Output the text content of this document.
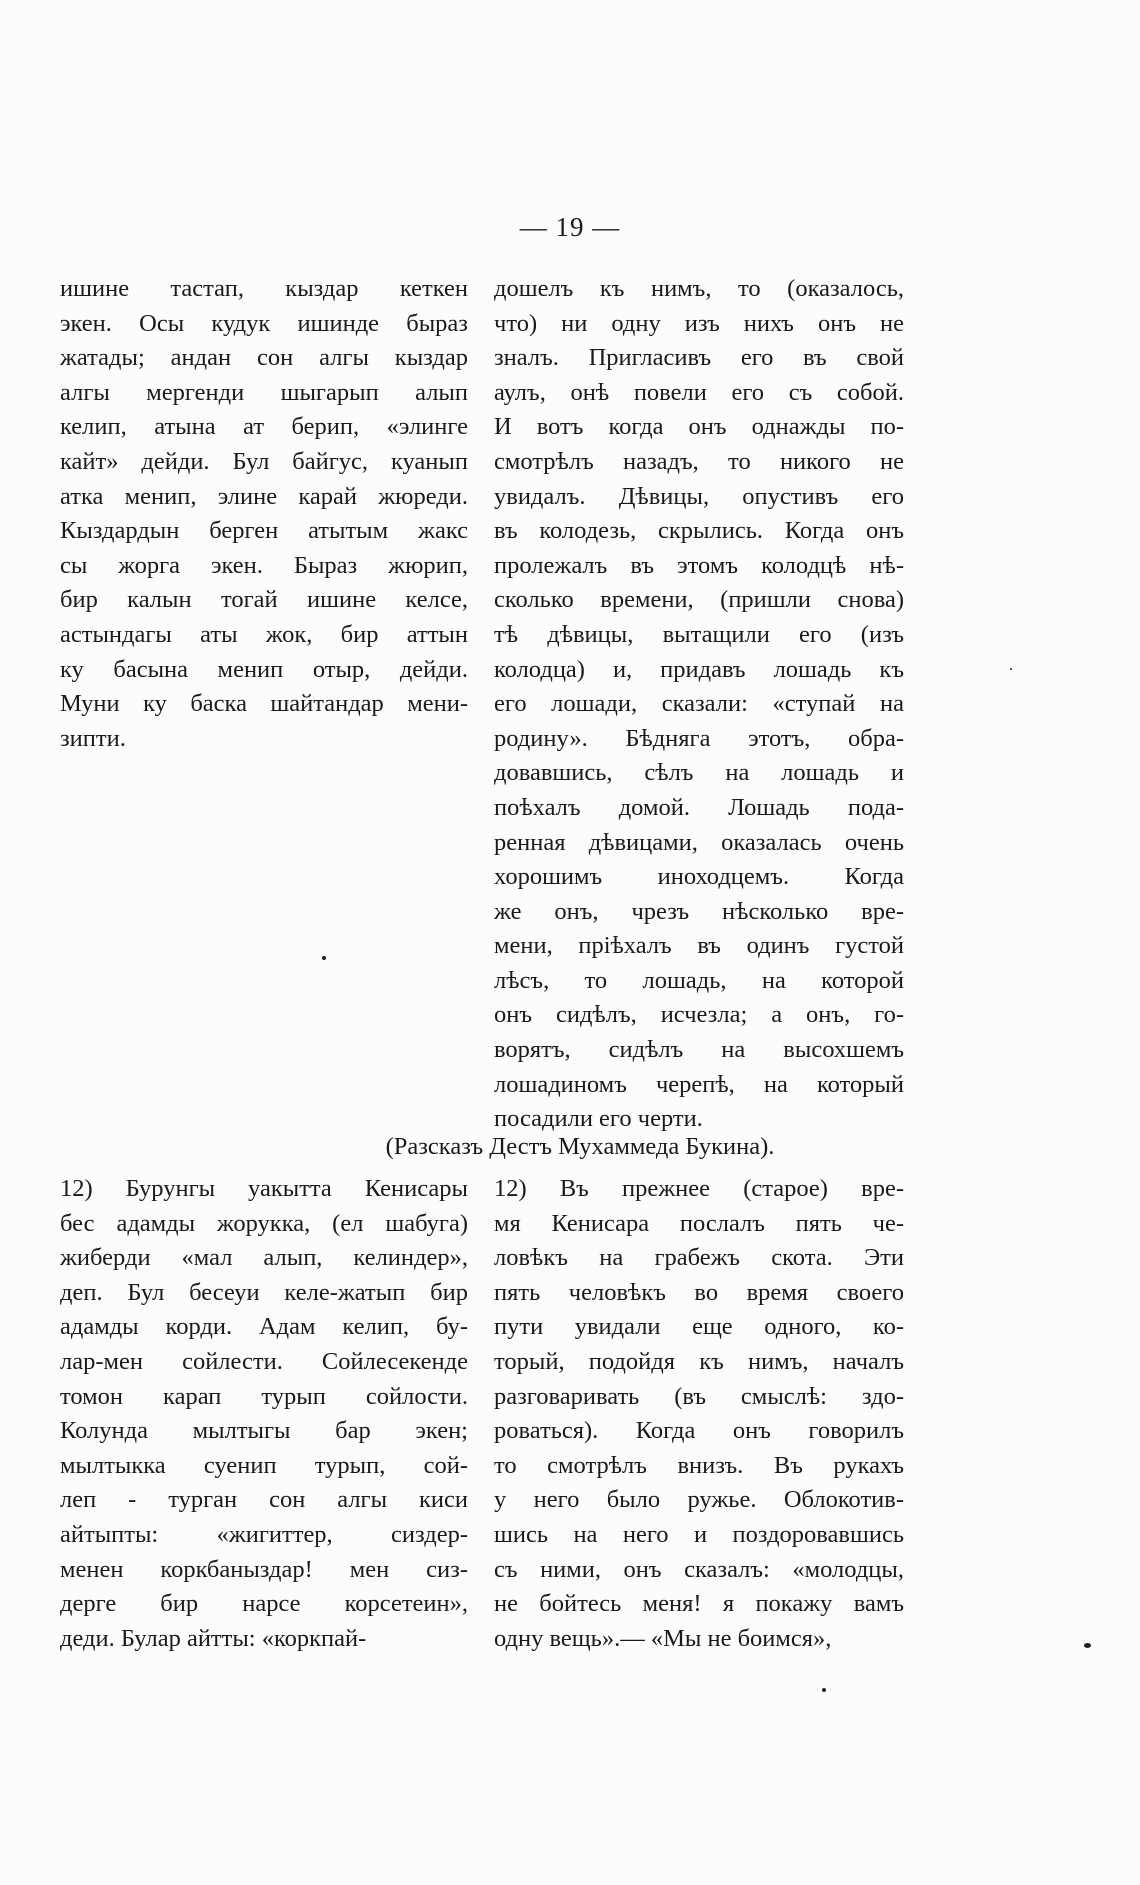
— 19 —
ишине тастап, кыздар кеткен
экен. Осы кудук ишинде быраз
жатады; андан сон алгы кыздар
алгы мергенди шыгарып алып
келип, атына ат берип, «элинге
кайт» дейди. Бул байгус, куанып
атка менип, элине карай жюреди.
Кыздардын берген атытым жакс
сы жорга экен. Быраз жюрип,
бир калын тогай ишине келсе,
астындагы аты жок, бир аттын
ку басына менип отыр, дейди.
Муни ку баска шайтандар мени-
зипти.
дошелъ къ нимъ, то (оказалось,
что) ни одну изъ нихъ онъ не
зналъ. Пригласивъ его въ свой
аулъ, онѣ повели его съ собой.
И вотъ когда онъ однажды по-
смотрѣлъ назадъ, то никого не
увидалъ. Дѣвицы, опустивъ его
въ колодезь, скрылись. Когда онъ
пролежалъ въ этомъ колодцѣ нѣ-
сколько времени, (пришли снова)
тѣ дѣвицы, вытащили его (изъ
колодца) и, придавъ лошадь къ
его лошади, сказали: «ступай на
родину». Бѣдняга этотъ, обра-
довавшись, сѣлъ на лошадь и
поѣхалъ домой. Лошадь пода-
ренная дѣвицами, оказалась очень
хорошимъ иноходцемъ. Когда
же онъ, чрезъ нѣсколько вре-
мени, пріѣхалъ въ одинъ густой
лѣсъ, то лошадь, на которой
онъ сидѣлъ, исчезла; а онъ, го-
ворятъ, сидѣлъ на высохшемъ
лошадиномъ черепѣ, на который
посадили его черти.
(Разсказъ Дестъ Мухаммеда Букина).
12) Бурунгы уакытта Кенисары
бес адамды жорукка, (ел шабуга)
жиберди «мал алып, келиндер»,
деп. Бул бесеуи келе-жатып бир
адамды корди. Адам келип, бу-
лар-мен сойлести. Сойлесекенде
томон карап турып сойлости.
Колунда мылтыгы бар экен;
мылтыкка суенип турып, сой-
леп - турган сон алгы киси
айтыпты: «жигиттер, сиздер-
менен коркбаныздар! мен сиз-
дерге бир нарсе корсетеин»,
деди. Булар айтты: «коркпай-
12) Въ прежнее (старое) вре-
мя Кенисара послалъ пять че-
ловѣкъ на грабежъ скота. Эти
пять человѣкъ во время своего
пути увидали еще одного, ко-
торый, подойдя къ нимъ, началъ
разговаривать (въ смыслѣ: здо-
роваться). Когда онъ говорилъ
то смотрѣлъ внизъ. Въ рукахъ
у него было ружье. Облокотив-
шись на него и поздоровавшись
съ ними, онъ сказалъ: «молодцы,
не бойтесь меня! я покажу вамъ
одну вещь».— «Мы не боимся»,
